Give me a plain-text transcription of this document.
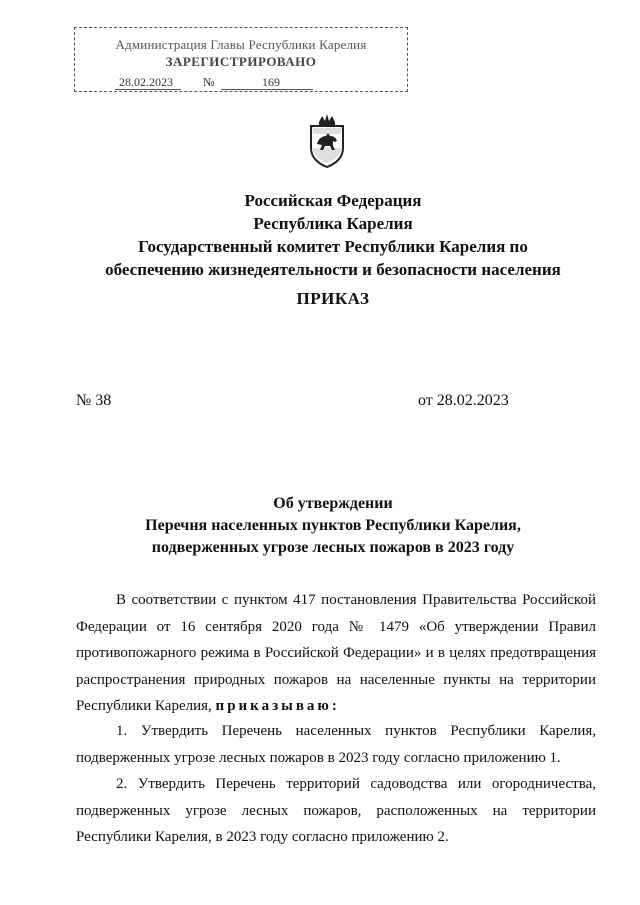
Администрация Главы Республики Карелия
ЗАРЕГИСТРИРОВАНО
28.02.2023	№	169
Российская Федерация
Республика Карелия
Государственный комитет Республики Карелия по
обеспечению жизнедеятельности и безопасности населения
ПРИКАЗ
№ 38	от 28.02.2023
Об утверждении
Перечня населенных пунктов Республики Карелия,
подверженных угрозе лесных пожаров в 2023 году
В соответствии с пунктом 417 постановления Правительства Российской Федерации от 16 сентября 2020 года № 1479 «Об утверждении Правил противопожарного режима в Российской Федерации» и в целях предотвращения распространения природных пожаров на населенные пункты на территории Республики Карелия, приказываю:
1. Утвердить Перечень населенных пунктов Республики Карелия, подверженных угрозе лесных пожаров в 2023 году согласно приложению 1.
2. Утвердить Перечень территорий садоводства или огородничества, подверженных угрозе лесных пожаров, расположенных на территории Республики Карелия, в 2023 году согласно приложению 2.
